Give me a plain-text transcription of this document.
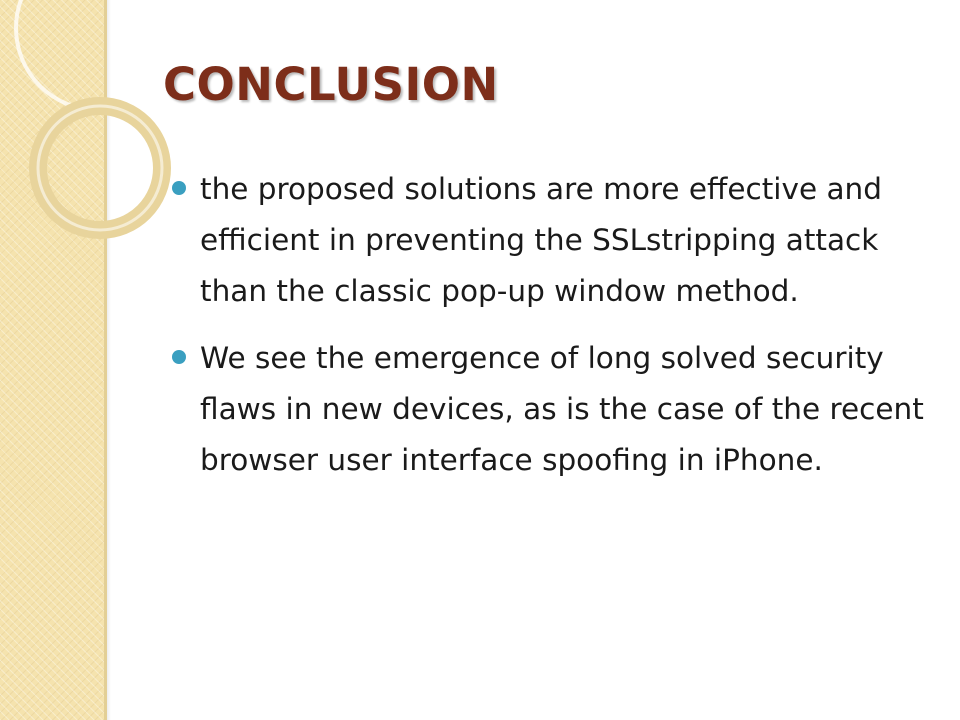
CONCLUSION
the proposed solutions are more effective and efficient in preventing the SSLstripping attack than the classic pop-up window method.
We see the emergence of long solved security flaws in new devices, as is the case of the recent browser user interface spoofing in iPhone.
